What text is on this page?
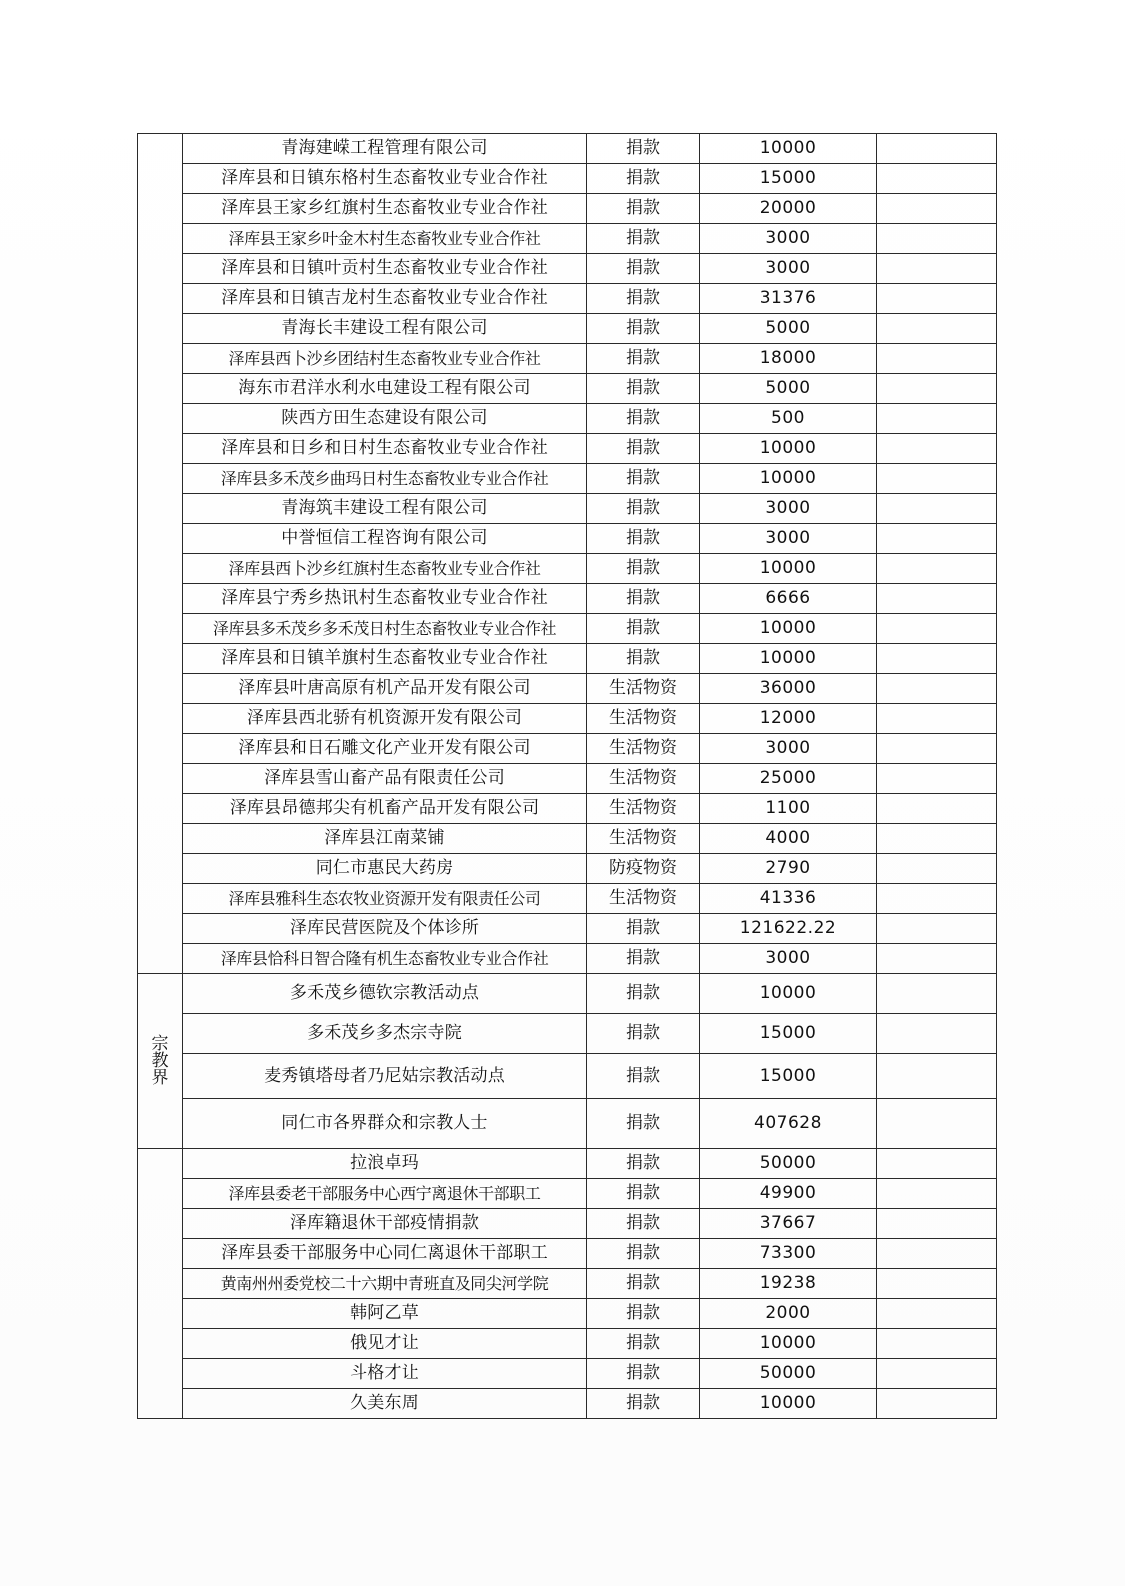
	青海建嵘工程管理有限公司	捐款	10000	
	泽库县和日镇东格村生态畜牧业专业合作社	捐款	15000	
	泽库县王家乡红旗村生态畜牧业专业合作社	捐款	20000	
	泽库县王家乡叶金木村生态畜牧业专业合作社	捐款	3000	
	泽库县和日镇叶贡村生态畜牧业专业合作社	捐款	3000	
	泽库县和日镇吉龙村生态畜牧业专业合作社	捐款	31376	
	青海长丰建设工程有限公司	捐款	5000	
	泽库县西卜沙乡团结村生态畜牧业专业合作社	捐款	18000	
	海东市君洋水利水电建设工程有限公司	捐款	5000	
	陕西方田生态建设有限公司	捐款	500	
	泽库县和日乡和日村生态畜牧业专业合作社	捐款	10000	
	泽库县多禾茂乡曲玛日村生态畜牧业专业合作社	捐款	10000	
	青海筑丰建设工程有限公司	捐款	3000	
	中誉恒信工程咨询有限公司	捐款	3000	
	泽库县西卜沙乡红旗村生态畜牧业专业合作社	捐款	10000	
	泽库县宁秀乡热讯村生态畜牧业专业合作社	捐款	6666	
	泽库县多禾茂乡多禾茂日村生态畜牧业专业合作社	捐款	10000	
	泽库县和日镇羊旗村生态畜牧业专业合作社	捐款	10000	
	泽库县叶唐高原有机产品开发有限公司	生活物资	36000	
	泽库县西北骄有机资源开发有限公司	生活物资	12000	
	泽库县和日石雕文化产业开发有限公司	生活物资	3000	
	泽库县雪山畜产品有限责任公司	生活物资	25000	
	泽库县昂德邦尖有机畜产品开发有限公司	生活物资	1100	
	泽库县江南菜铺	生活物资	4000	
	同仁市惠民大药房	防疫物资	2790	
	泽库县雅科生态农牧业资源开发有限责任公司	生活物资	41336	
	泽库民营医院及个体诊所	捐款	121622.22	
	泽库县恰科日智合隆有机生态畜牧业专业合作社	捐款	3000	

宗
教
界	多禾茂乡德钦宗教活动点	捐款	10000	
	多禾茂乡多杰宗寺院	捐款	15000	
	麦秀镇塔母者乃尼姑宗教活动点	捐款	15000	
	同仁市各界群众和宗教人士	捐款	407628	
	拉浪卓玛	捐款	50000	
	泽库县委老干部服务中心西宁离退休干部职工	捐款	49900	
	泽库籍退休干部疫情捐款	捐款	37667	
	泽库县委干部服务中心同仁离退休干部职工	捐款	73300	
	黄南州州委党校二十六期中青班直及同尖河学院	捐款	19238	
	韩阿乙草	捐款	2000	
	俄见才让	捐款	10000	
	斗格才让	捐款	50000	
	久美东周	捐款	10000	
